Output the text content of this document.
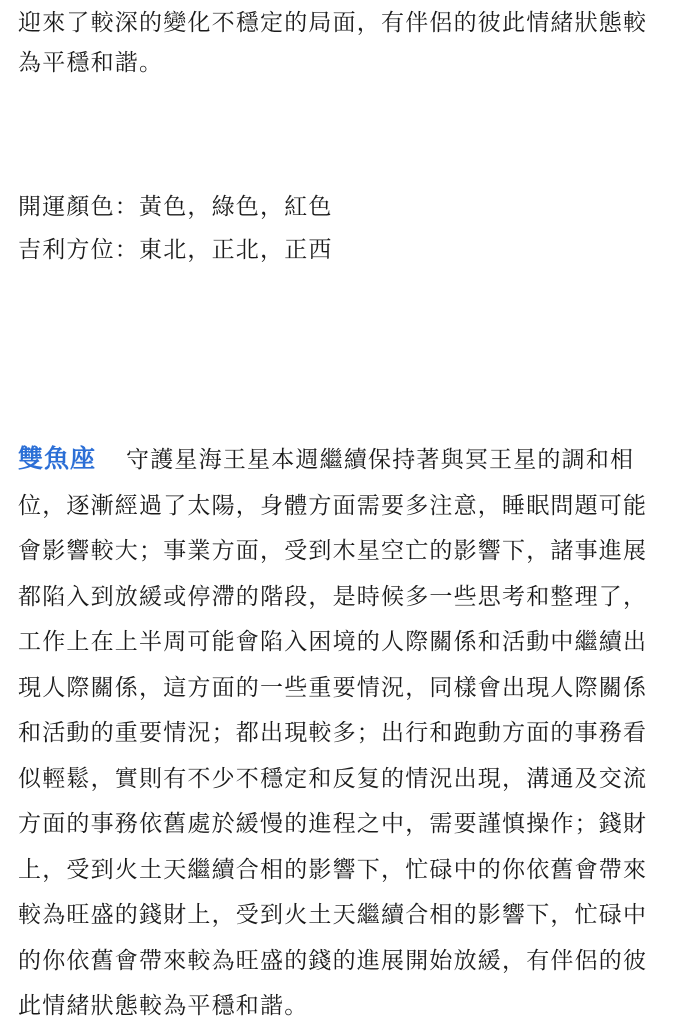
迎來了較深的變化不穩定的局面，有伴侶的彼此情緒狀態較
為平穩和諧。
開運顏色：黃色，綠色，紅色
吉利方位：東北，正北，正西
雙魚座 守護星海王星本週繼續保持著與冥王星的調和相
位，逐漸經過了太陽，身體方面需要多注意，睡眠問題可能
會影響較大；事業方面，受到木星空亡的影響下，諸事進展
都陷入到放緩或停滯的階段，是時候多一些思考和整理了，
工作上在上半周可能會陷入困境的人際關係和活動中繼續出
現人際關係，這方面的一些重要情況，同樣會出現人際關係
和活動的重要情況；都出現較多；出行和跑動方面的事務看
似輕鬆，實則有不少不穩定和反复的情況出現，溝通及交流
方面的事務依舊處於緩慢的進程之中，需要謹慎操作；錢財
上，受到火土天繼續合相的影響下，忙碌中的你依舊會帶來
較為旺盛的錢財上，受到火土天繼續合相的影響下，忙碌中
的你依舊會帶來較為旺盛的錢的進展開始放緩，有伴侶的彼
此情緒狀態較為平穩和諧。
